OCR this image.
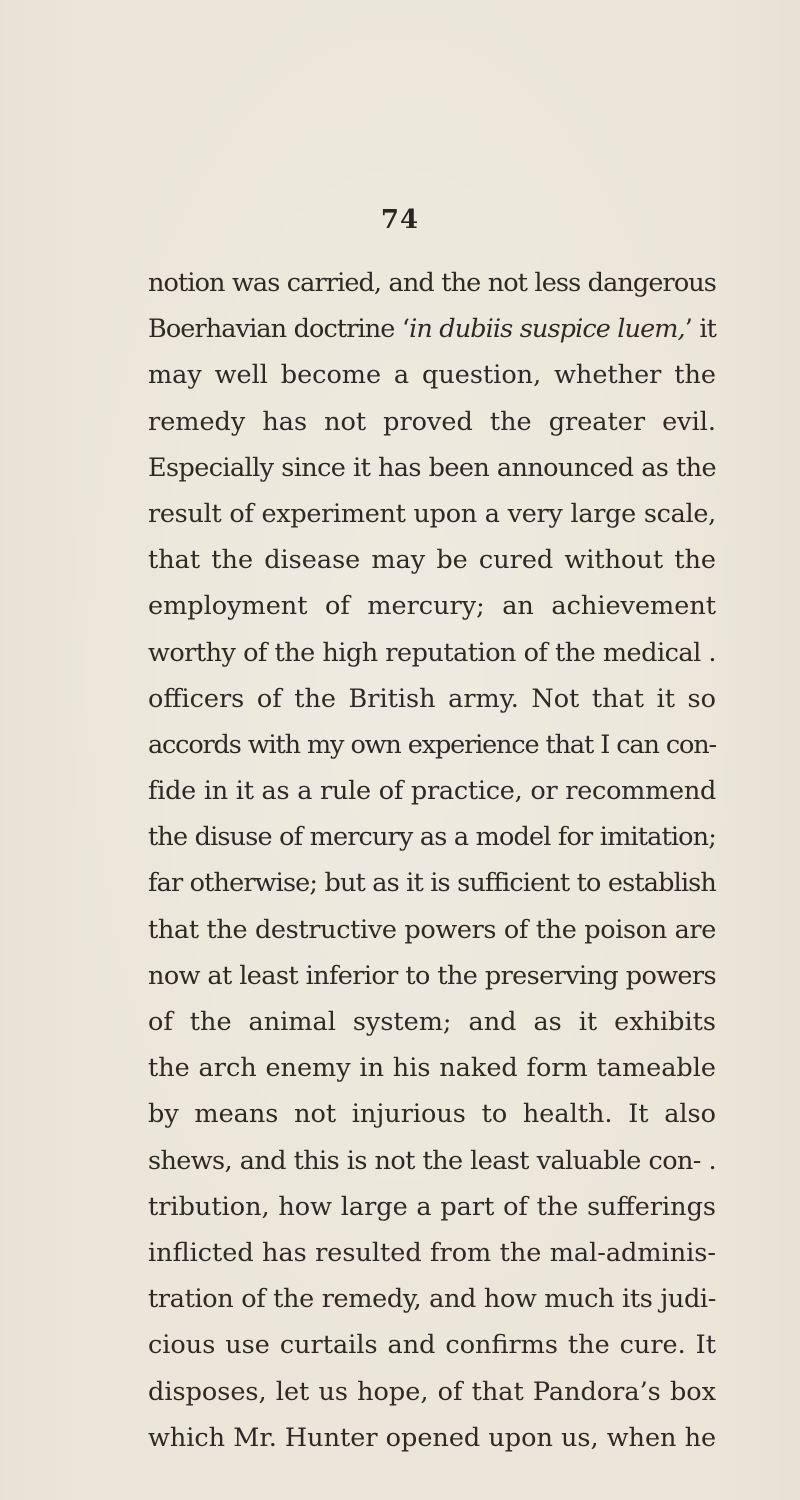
74
notion was carried, and the not less dangerous
Boerhavian doctrine ‘in dubiis suspice luem,’ it
may well become a question, whether the
remedy has not proved the greater evil.
Especially since it has been announced as the
result of experiment upon a very large scale,
that the disease may be cured without the
employment of mercury; an achievement
worthy of the high reputation of the medical .
officers of the British army. Not that it so
accords with my own experience that I can con-
fide in it as a rule of practice, or recommend
the disuse of mercury as a model for imitation;
far otherwise; but as it is sufficient to establish
that the destructive powers of the poison are
now at least inferior to the preserving powers
of the animal system; and as it exhibits
the arch enemy in his naked form tameable
by means not injurious to health. It also
shews, and this is not the least valuable con- .
tribution, how large a part of the sufferings
inflicted has resulted from the mal-adminis-
tration of the remedy, and how much its judi-
cious use curtails and confirms the cure. It
disposes, let us hope, of that Pandora’s box
which Mr. Hunter opened upon us, when he
